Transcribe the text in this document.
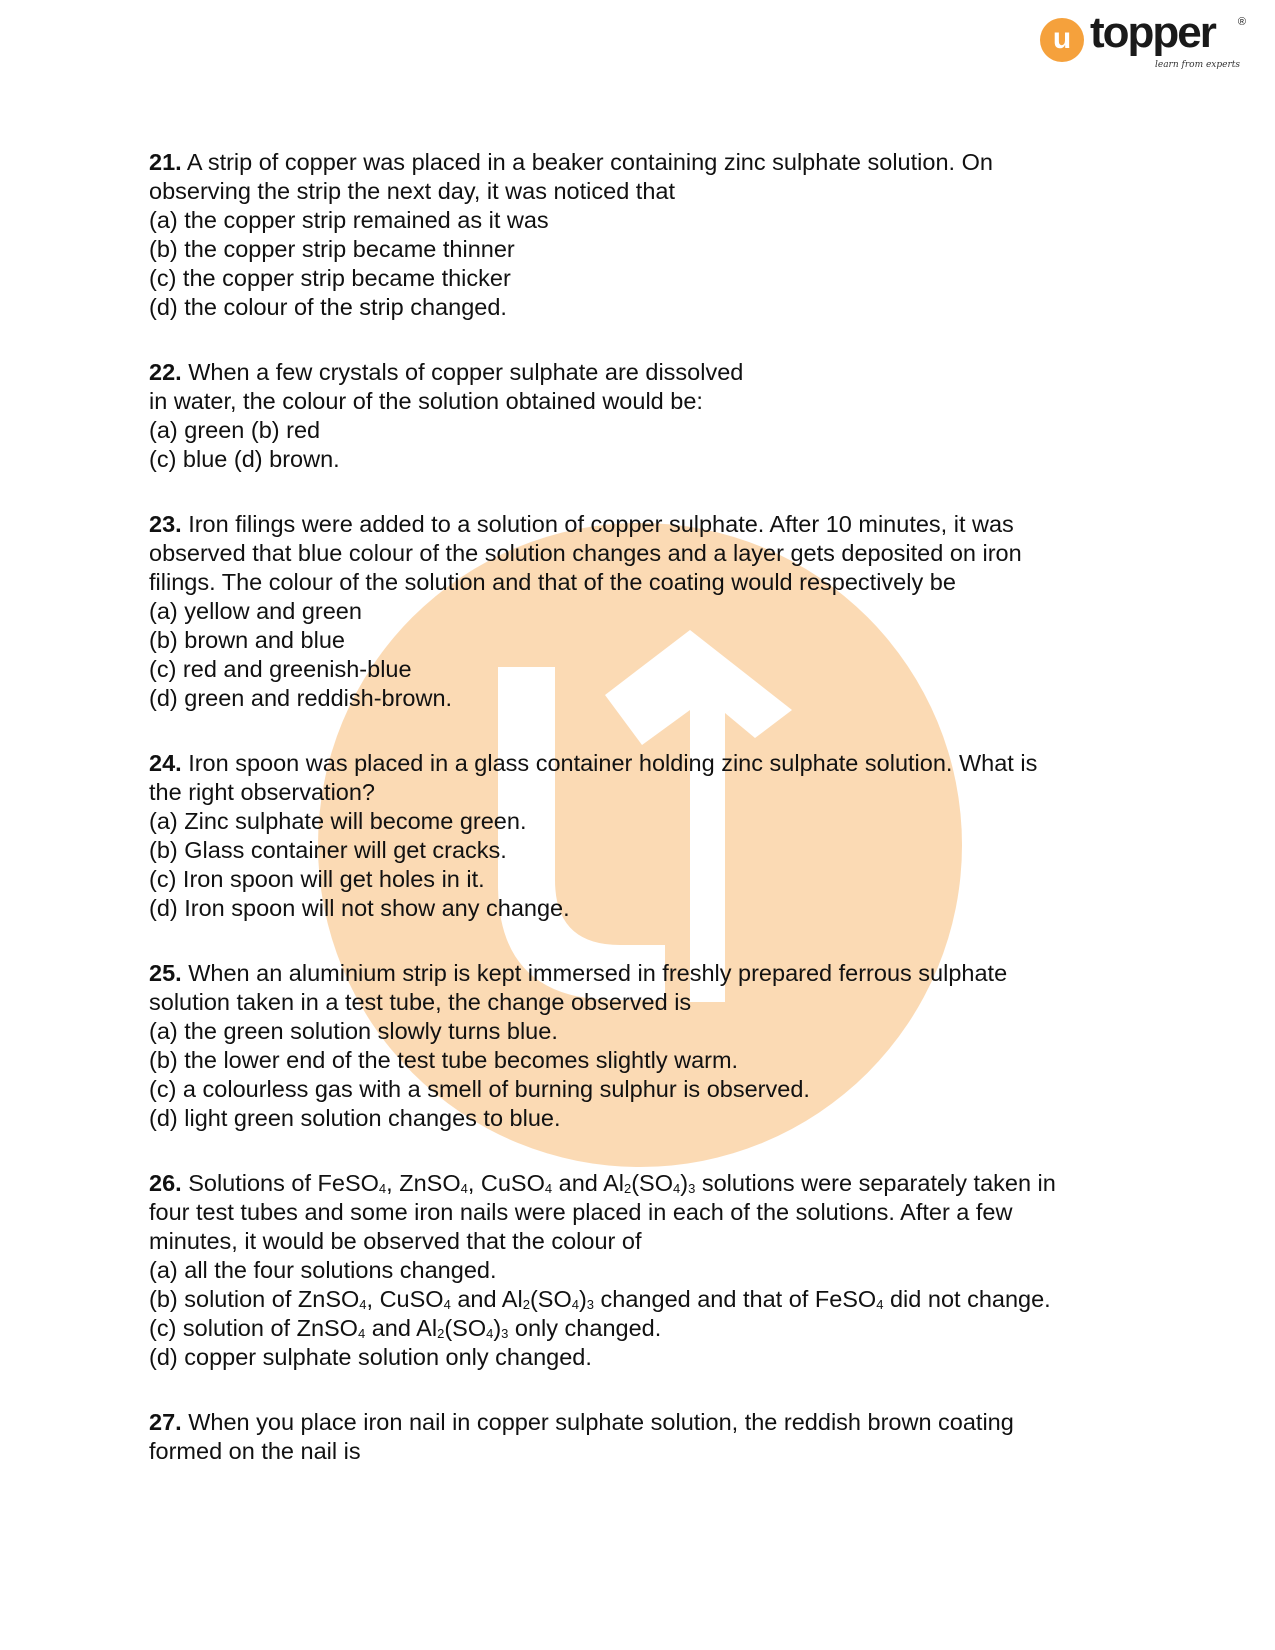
u topper ®
learn from experts
21. A strip of copper was placed in a beaker containing zinc sulphate solution. On
observing the strip the next day, it was noticed that
(a) the copper strip remained as it was
(b) the copper strip became thinner
(c) the copper strip became thicker
(d) the colour of the strip changed.
22. When a few crystals of copper sulphate are dissolved
in water, the colour of the solution obtained would be:
(a) green (b) red
(c) blue (d) brown.
23. Iron filings were added to a solution of copper sulphate. After 10 minutes, it was
observed that blue colour of the solution changes and a layer gets deposited on iron
filings. The colour of the solution and that of the coating would respectively be
(a) yellow and green
(b) brown and blue
(c) red and greenish-blue
(d) green and reddish-brown.
24. Iron spoon was placed in a glass container holding zinc sulphate solution. What is
the right observation?
(a) Zinc sulphate will become green.
(b) Glass container will get cracks.
(c) Iron spoon will get holes in it.
(d) Iron spoon will not show any change.
25. When an aluminium strip is kept immersed in freshly prepared ferrous sulphate
solution taken in a test tube, the change observed is
(a) the green solution slowly turns blue.
(b) the lower end of the test tube becomes slightly warm.
(c) a colourless gas with a smell of burning sulphur is observed.
(d) light green solution changes to blue.
26. Solutions of FeSO$_4$, ZnSO$_4$, CuSO$_4$ and $Al_2(SO_4)_3$ solutions were separately taken in
four test tubes and some iron nails were placed in each of the solutions. After a few
minutes, it would be observed that the colour of
(a) all the four solutions changed.
(b) solution of ZnSO$_4$, CuSO$_4$ and $Al_2(SO_4)_3$ changed and that of FeSO$_4$ did not change.
(c) solution of ZnSO$_4$ and $Al_2(SO_4)_3$ only changed.
(d) copper sulphate solution only changed.
27. When you place iron nail in copper sulphate solution, the reddish brown coating
formed on the nail is
